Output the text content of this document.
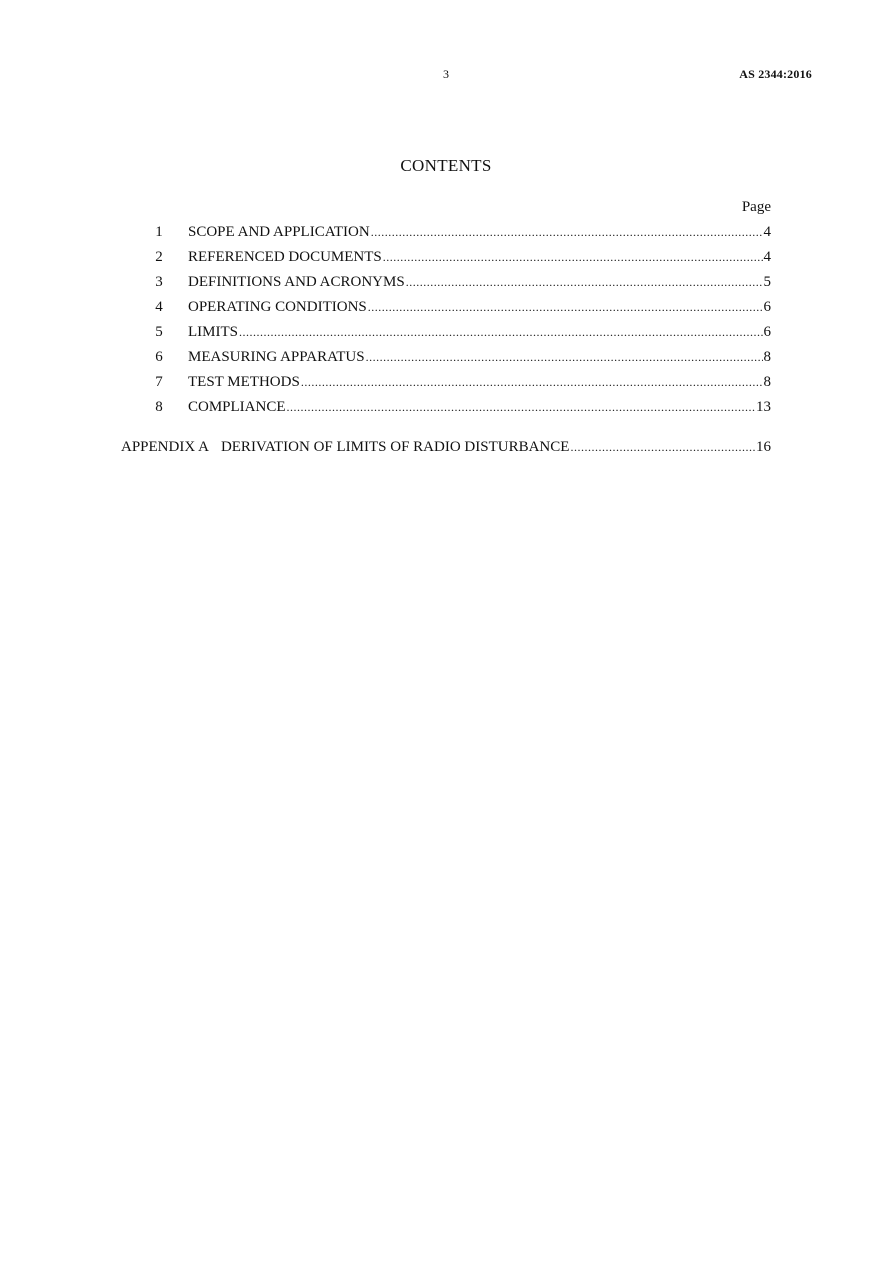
3	AS 2344:2016
CONTENTS
Page
1	SCOPE AND APPLICATION .....	4
2	REFERENCED DOCUMENTS .....	4
3	DEFINITIONS AND ACRONYMS .....	5
4	OPERATING CONDITIONS .....	6
5	LIMITS .....	6
6	MEASURING APPARATUS .....	8
7	TEST METHODS .....	8
8	COMPLIANCE .....	13
APPENDIX A DERIVATION OF LIMITS OF RADIO DISTURBANCE .....	16
